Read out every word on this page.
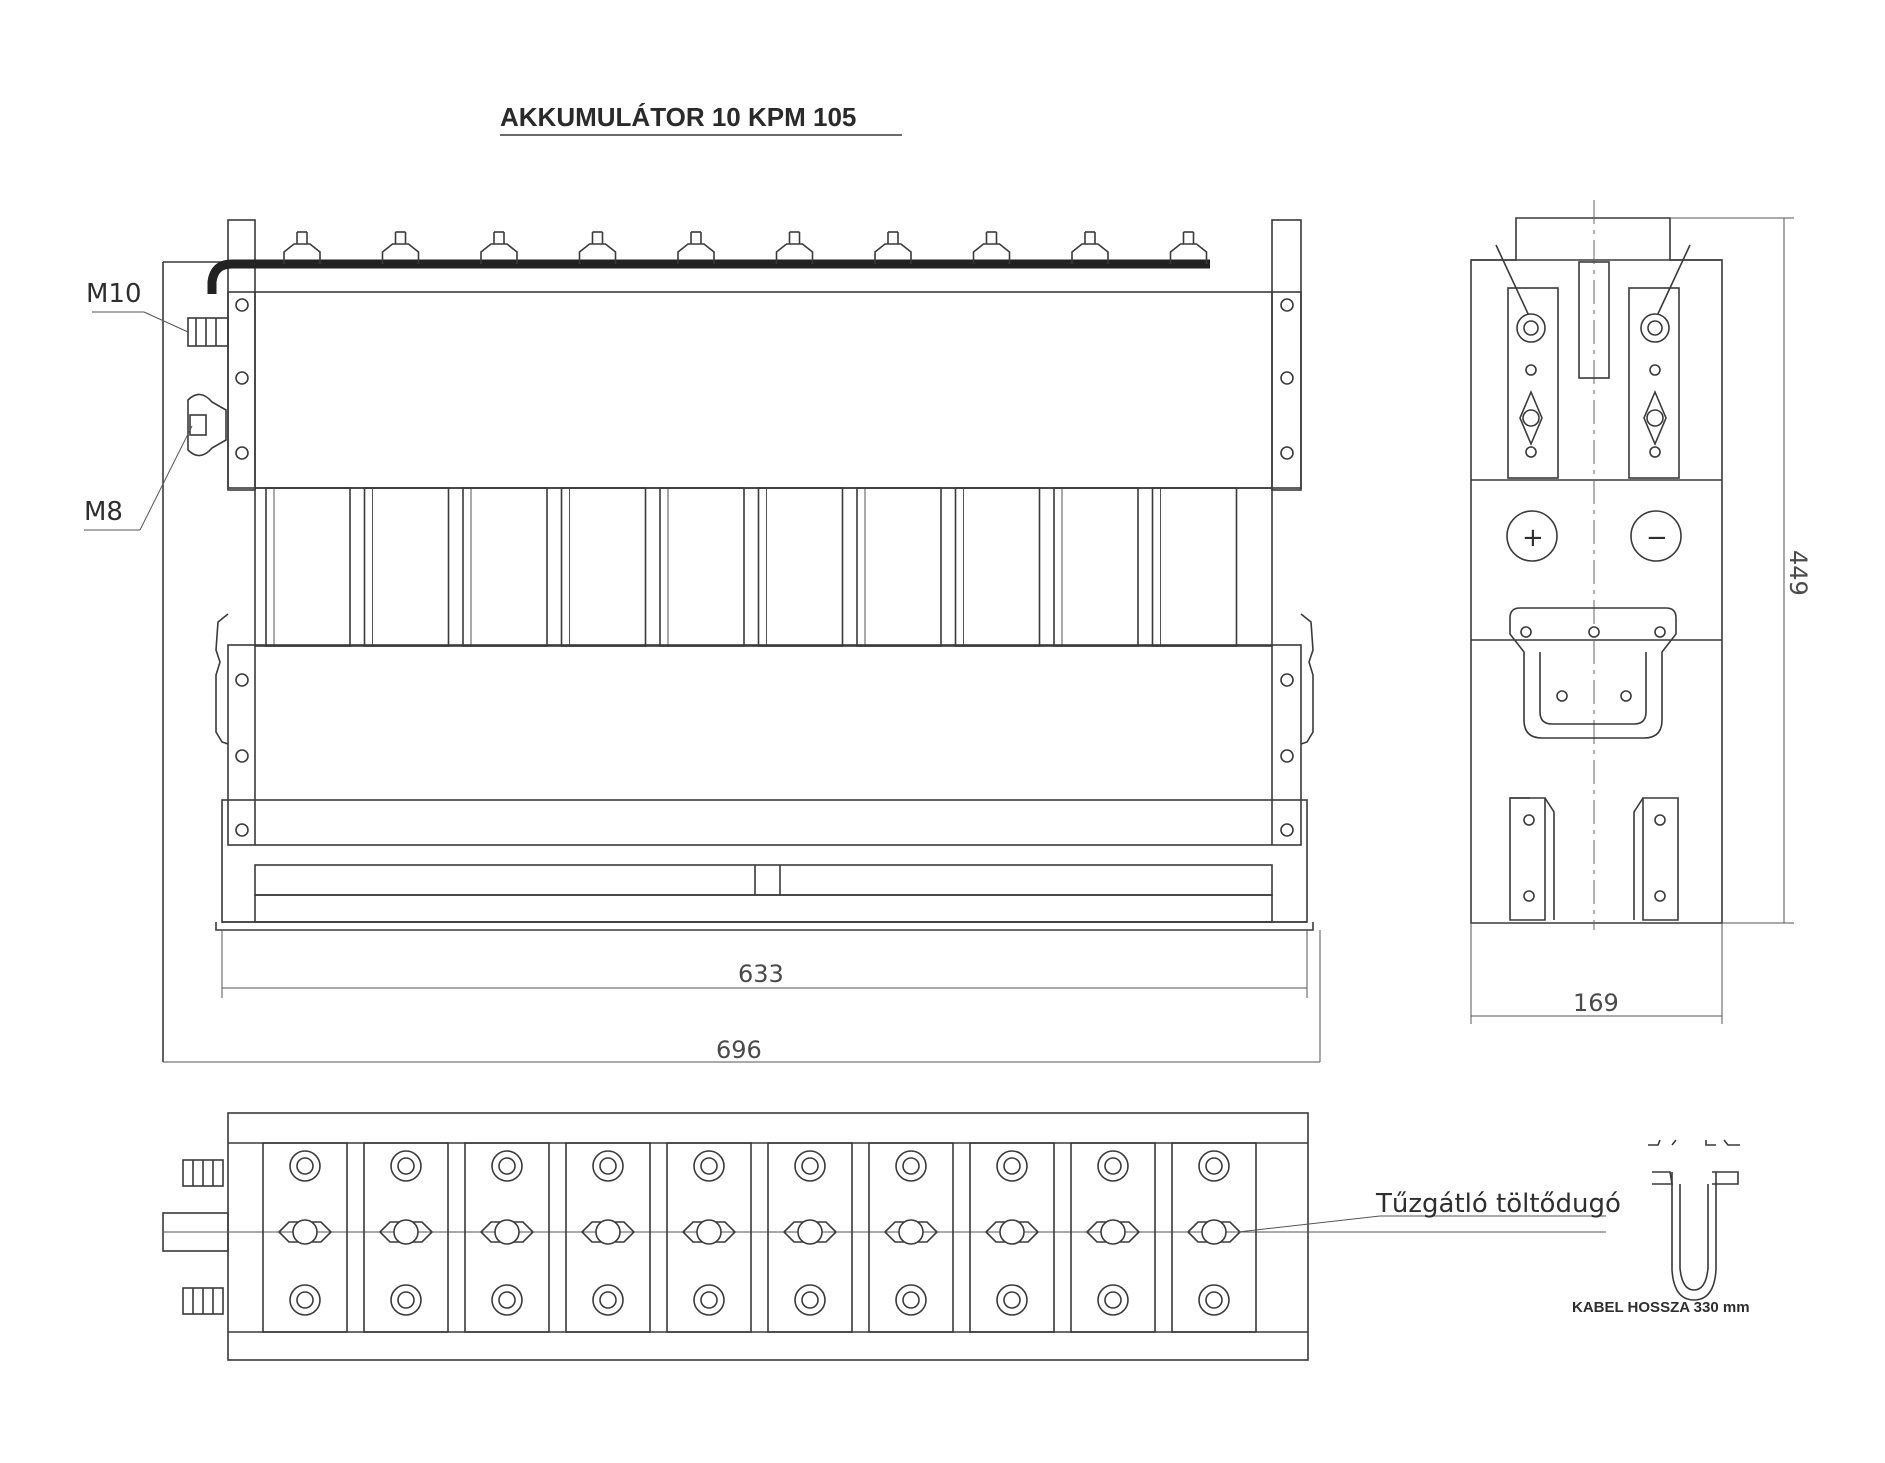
AKKUMULÁTOR 10 KPM 105
M10
M8
633
696
+	−
449
169
Tűzgátló töltődugó
KABEL HOSSZA 330 mm
